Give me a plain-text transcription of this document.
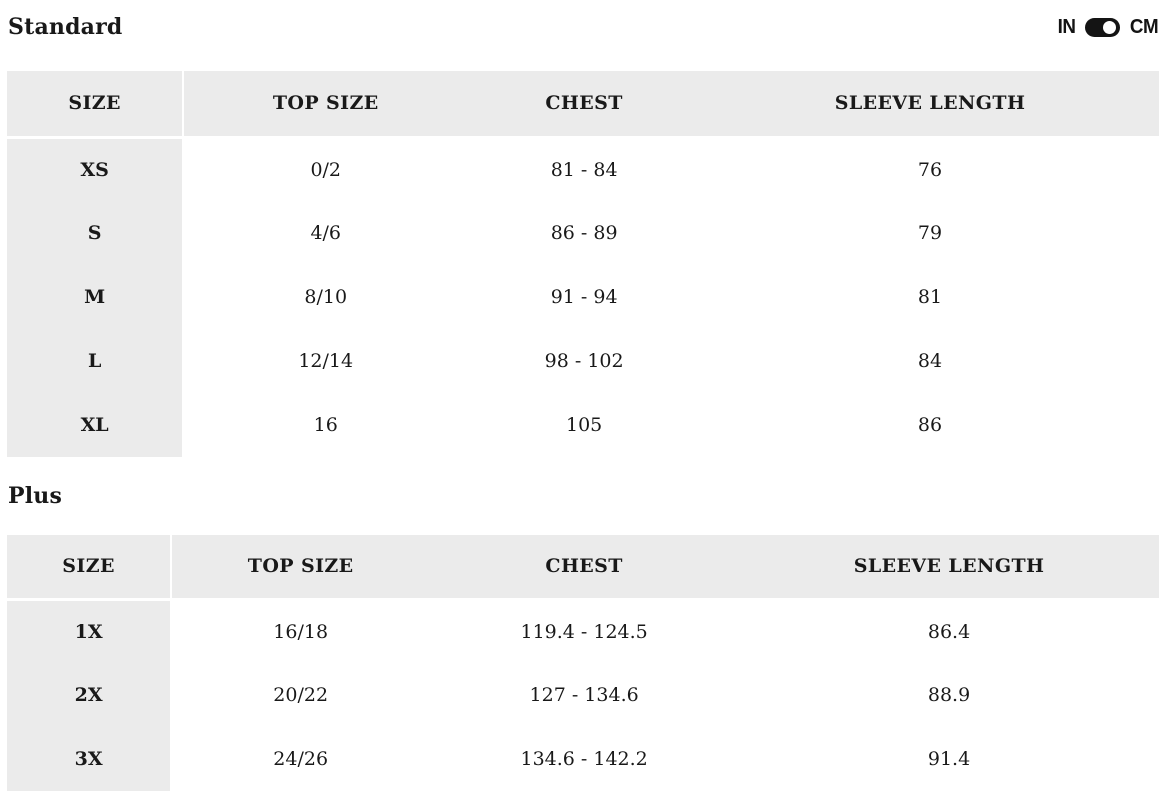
Standard	IN	CM
SIZE	TOP SIZE	CHEST	SLEEVE LENGTH
XS	0/2	81 - 84	76
S	4/6	86 - 89	79
M	8/10	91 - 94	81
L	12/14	98 - 102	84
XL	16	105	86
Plus
SIZE	TOP SIZE	CHEST	SLEEVE LENGTH
1X	16/18	119.4 - 124.5	86.4
2X	20/22	127 - 134.6	88.9
3X	24/26	134.6 - 142.2	91.4
